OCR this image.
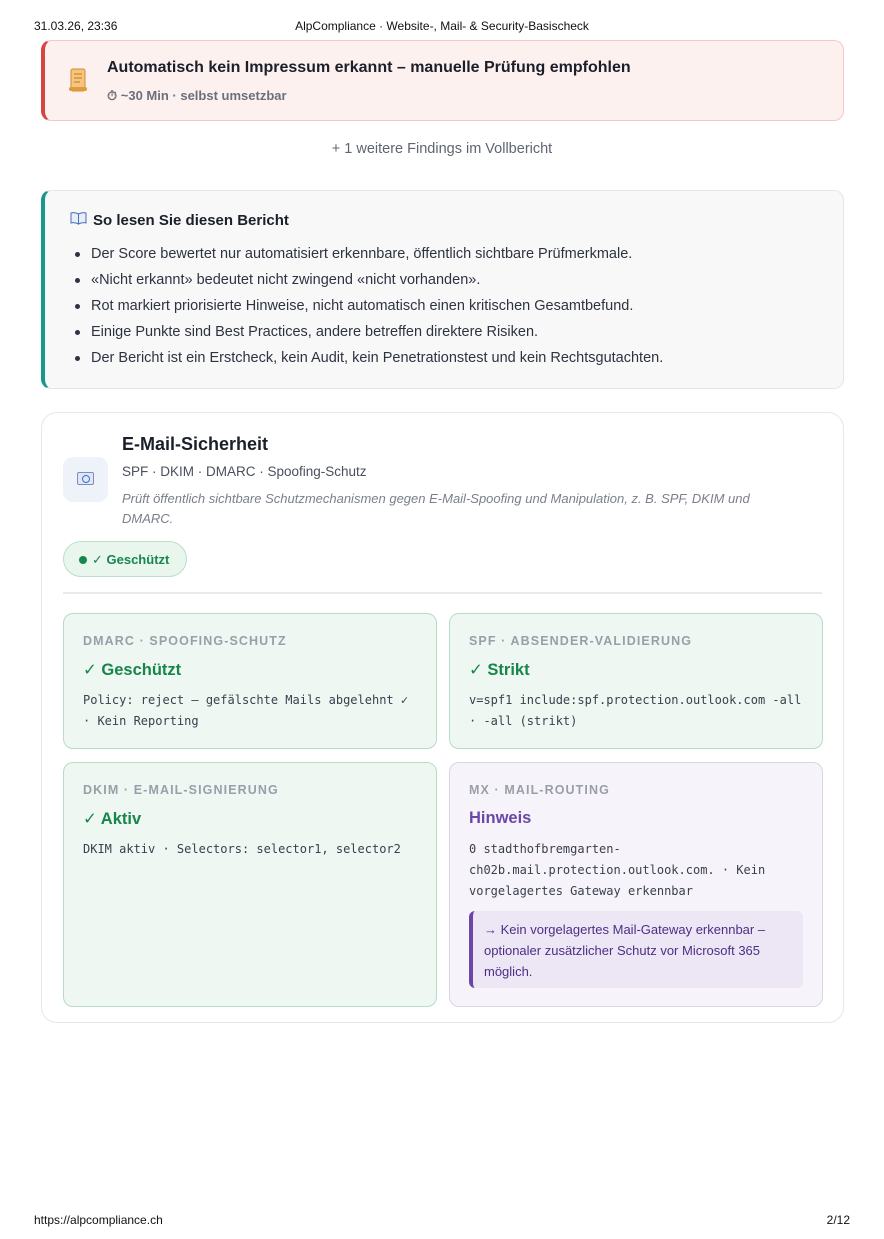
31.03.26, 23:36	AlpCompliance · Website-, Mail- & Security-Basischeck
Automatisch kein Impressum erkannt – manuelle Prüfung empfohlen
⏱ ~30 Min · selbst umsetzbar
+ 1 weitere Findings im Vollbericht
So lesen Sie diesen Bericht
Der Score bewertet nur automatisiert erkennbare, öffentlich sichtbare Prüfmerkmale.
«Nicht erkannt» bedeutet nicht zwingend «nicht vorhanden».
Rot markiert priorisierte Hinweise, nicht automatisch einen kritischen Gesamtbefund.
Einige Punkte sind Best Practices, andere betreffen direktere Risiken.
Der Bericht ist ein Erstcheck, kein Audit, kein Penetrationstest und kein Rechtsgutachten.
E-Mail-Sicherheit
SPF · DKIM · DMARC · Spoofing-Schutz
Prüft öffentlich sichtbare Schutzmechanismen gegen E-Mail-Spoofing und Manipulation, z. B. SPF, DKIM und DMARC.
✓ Geschützt
DMARC · SPOOFING-SCHUTZ
✓ Geschützt
Policy: reject – gefälschte Mails abgelehnt ✓ · Kein Reporting
SPF · ABSENDER-VALIDIERUNG
✓ Strikt
v=spf1 include:spf.protection.outlook.com -all · -all (strikt)
DKIM · E-MAIL-SIGNIERUNG
✓ Aktiv
DKIM aktiv · Selectors: selector1, selector2
MX · MAIL-ROUTING
Hinweis
0 stadthofbremgarten-ch02b.mail.protection.outlook.com. · Kein vorgelagertes Gateway erkennbar
→ Kein vorgelagertes Mail-Gateway erkennbar – optionaler zusätzlicher Schutz vor Microsoft 365 möglich.
https://alpcompliance.ch	2/12
